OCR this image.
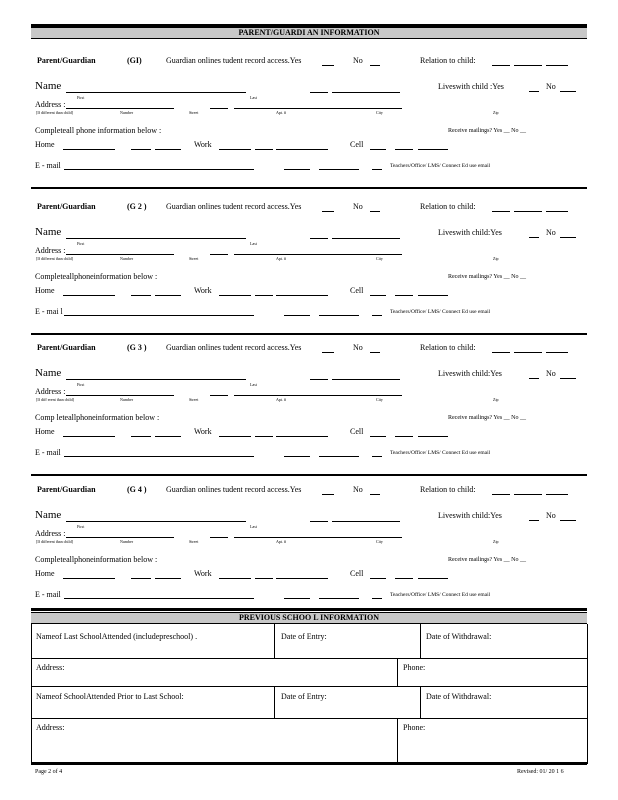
PARENT/GUARDI AN INFORMATION
Parent/Guardian	(GI)	Guardian onlines tudent record access.Yes	No	Relation to child:
Name	Liveswith child :Yes	No
First	Last
Address :
[If different than child]	Number	Street	Apt. #	City	Zip
Completeall phone information below :	Receive mailings? Yes __ No __
Home	Work	Cell
E - mail	Teachers/Office/ LMS/ Connect Ed use email
Parent/Guardian	(G 2 ) Guardian onlines tudent record access.Yes	No	Relation to child:
Name	Liveswith child:Yes	No
First	Last
Address :
[If different than child]	Number	Street	Apt. #	City	Zip
Completeallphoneinformation below :	Receive mailings? Yes __ No __
Home	Work	Cell
E - mai l	Teachers/Office/ LMS/ Connect Ed use email
Parent/Guardian	(G 3 ) Guardian onlines tudent record access.Yes	No	Relation to child:
Name	Liveswith child:Yes	No
First	Last
Address :
[If diff erent than child]	Number	Street	Apt. #	City	Zip
Comp leteallphoneinformation below :	Receive mailings? Yes __ No __
Home	Work	Cell
E - mail	Teachers/Office/ LMS/ Connect Ed use email
Parent/Guardian	(G 4 ) Guardian onlines tudent record access.Yes	No	Relation to child:
Name	Liveswith child:Yes	No
First	Last
Address :
[If different than child]	Number	Street	Apt. #	City	Zip
Completeallphoneinformation below :	Receive mailings? Yes __ No __
Home	Work	Cell
E - mail	Teachers/Office/ LMS/ Connect Ed use email
PREVIOUS SCHOO L INFORMATION
Nameof Last SchoolAttended (includepreschool) .	Date of Entry:	Date of Withdrawal:
Address:	Phone:
Nameof SchoolAttended Prior to Last School:	Date of Entry:	Date of Withdrawal:
Address:	Phone:
Page 2 of 4	Revised: 01/ 20 1 6
